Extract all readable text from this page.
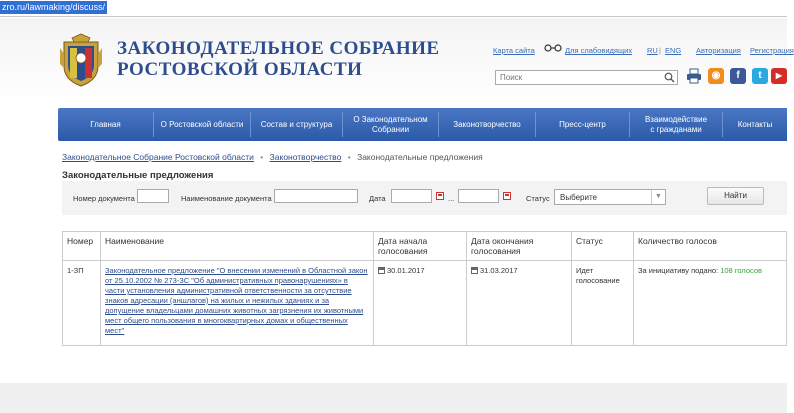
zro.ru/lawmaking/discuss/
ЗАКОНОДАТЕЛЬНОЕ СОБРАНИЕ
РОСТОВСКОЙ ОБЛАСТИ
Карта сайта	Для слабовидящих RU | ENG Авторизация Регистрация
Поиск
◉	f	t	▶
Главная	О Ростовской области	Состав и структура
О Законодательном Собрании
Законотворчество	Пресс-центр
Взаимодействие с гражданами
Контакты
Законодательное Собрание Ростовской области • Законотворчество • Законодательные предложения
Законодательные предложения
Номер документа	Наименование документа	Дата	...	Статус	Выберите	▼	Найти
Номер	Наименование	Дата начала голосования	Дата окончания голосования	Статус	Количество голосов
1-ЗП	Законодательное предложение "О внесении изменений в Областной закон от 25.10.2002 № 273-ЗС "Об административных правонарушениях» в части установления административной ответственности за отсутствие знаков адресации (аншлагов) на жилых и нежилых зданиях и за допущение владельцами домашних животных загрязнения их животными мест общего пользования в многоквартирных домах и общественных мест"	30.01.2017	31.03.2017	Идет голосование	За инициативу подано: 108 голосов
